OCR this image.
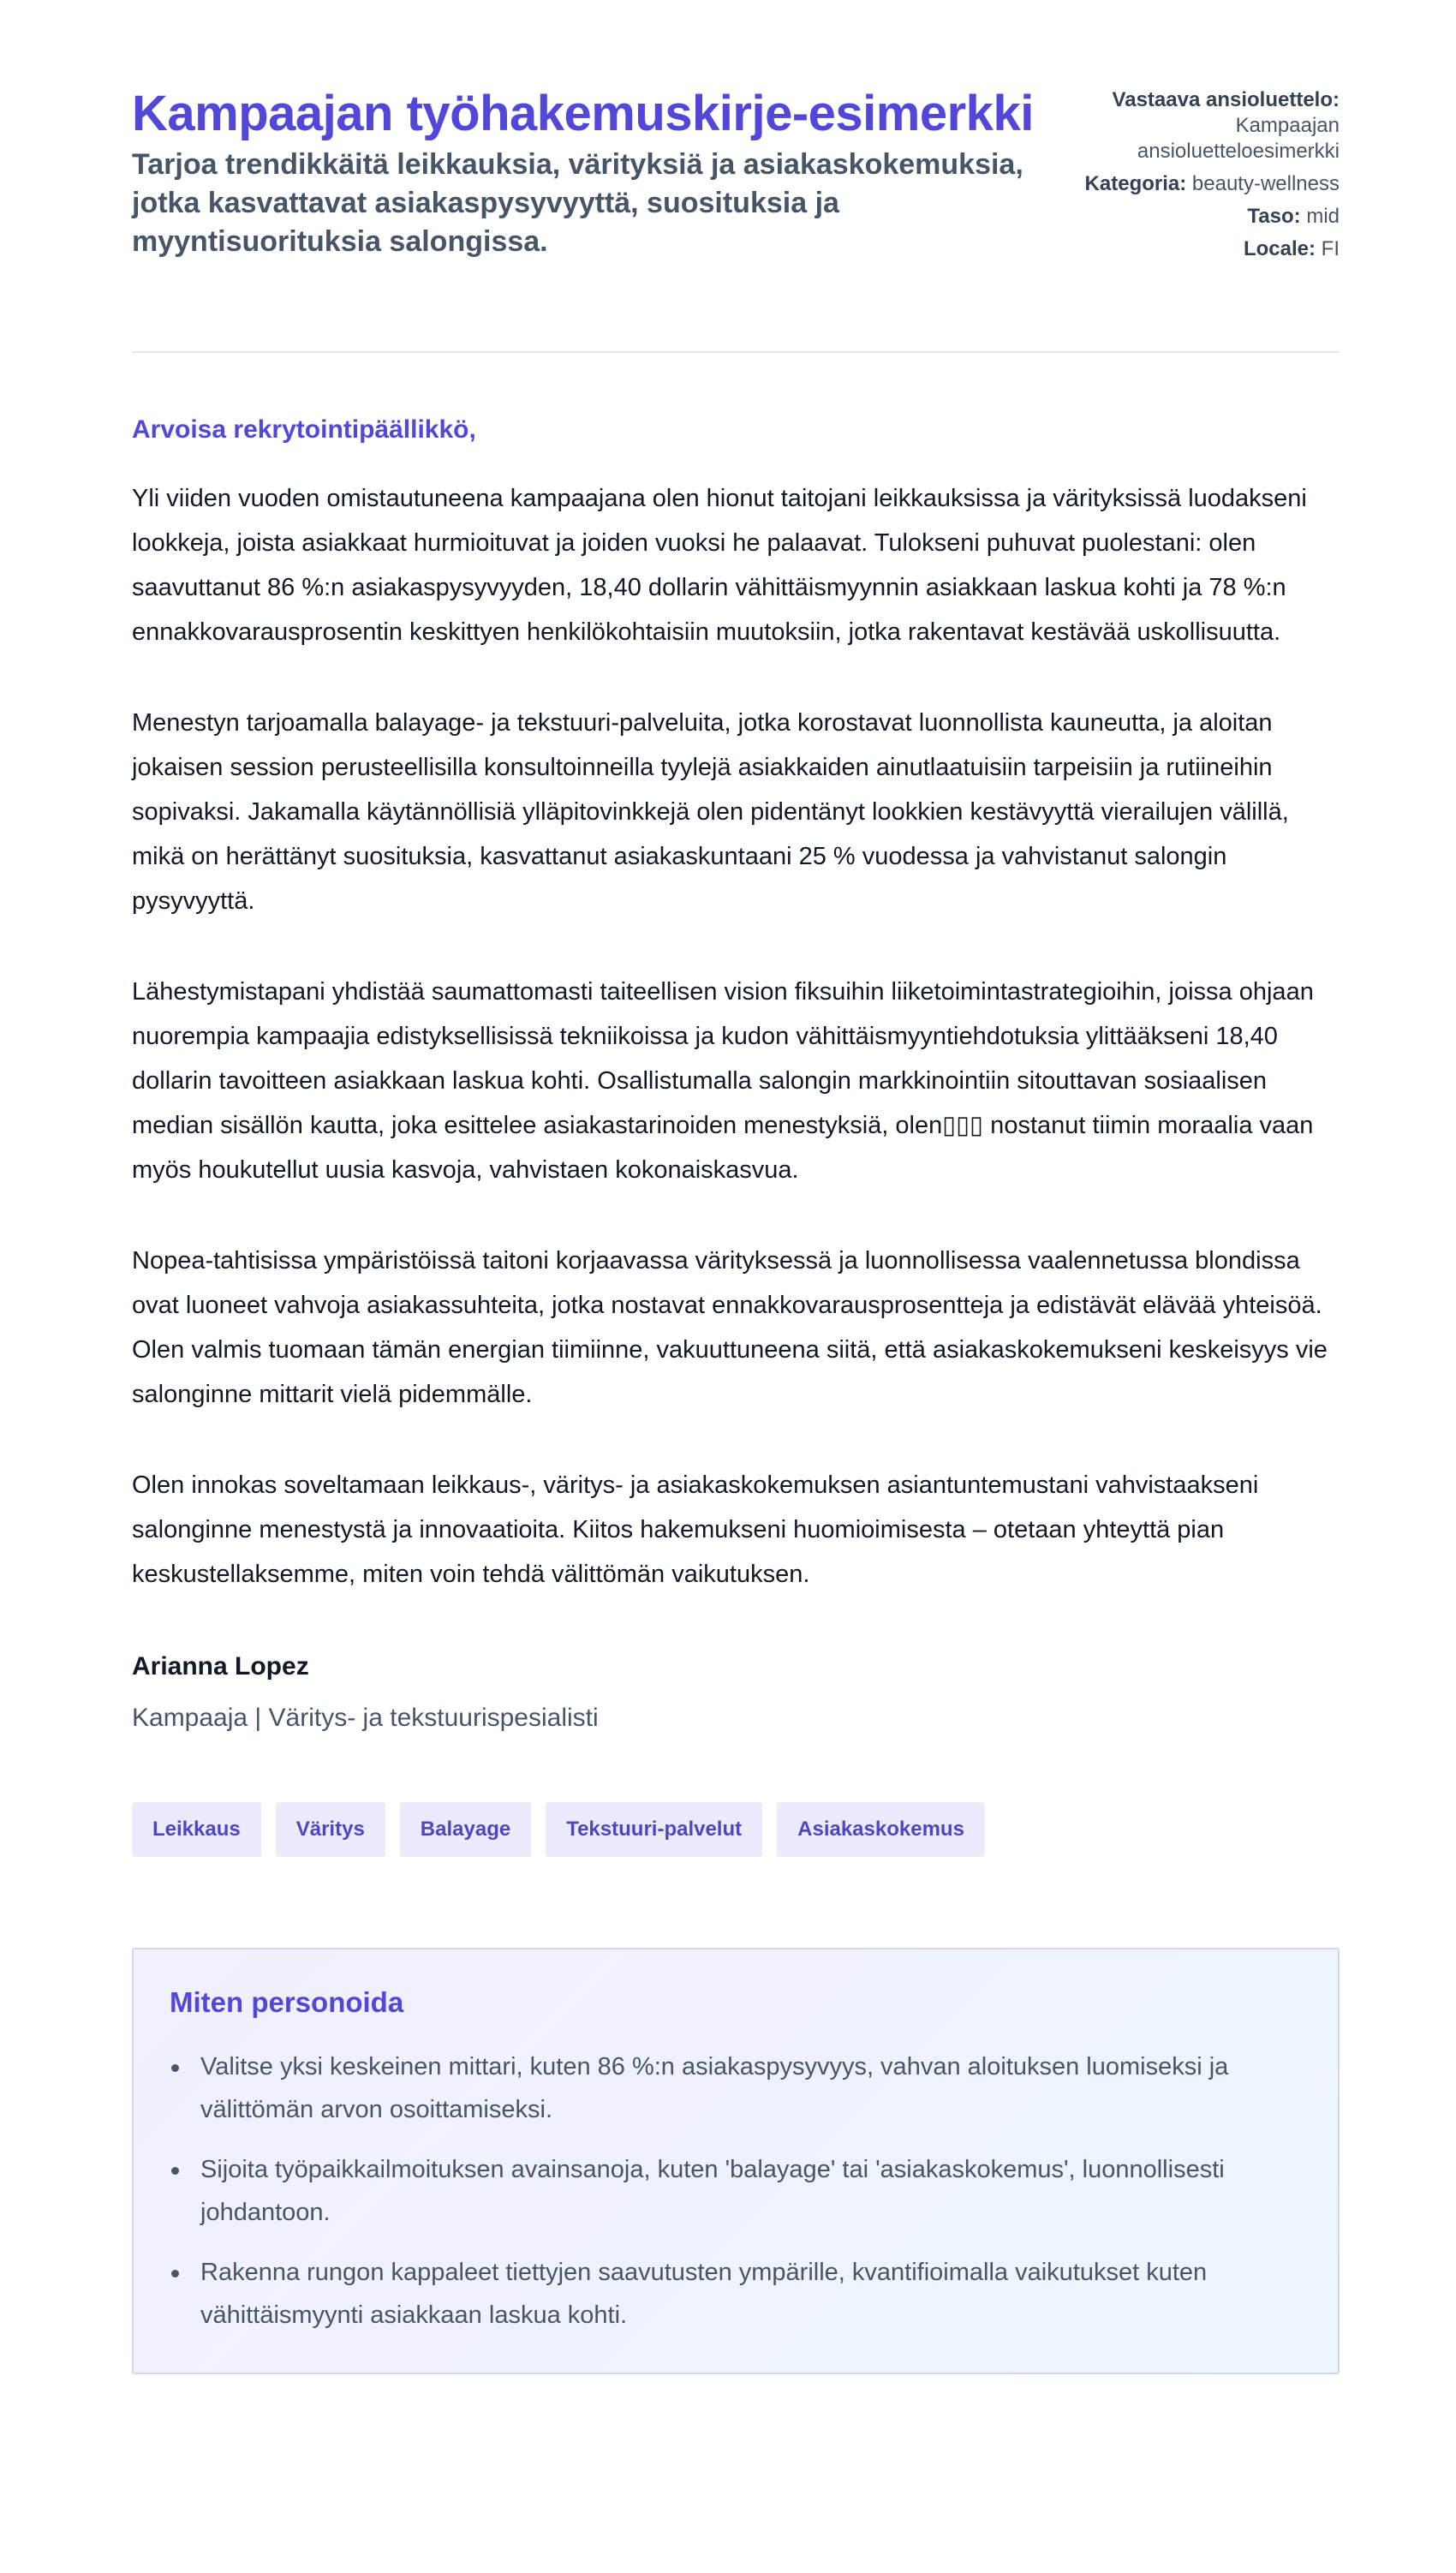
Kampaajan työhakemuskirje-esimerkki
Tarjoa trendikkäitä leikkauksia, värityksiä ja asiakaskokemuksia, jotka kasvattavat asiakaspysyvyyttä, suosituksia ja myyntisuorituksia salongissa.
Vastaava ansioluettelo: Kampaajan ansioluetteloesimerkki
Kategoria: beauty-wellness
Taso: mid
Locale: FI
Arvoisa rekrytointipäällikkö,

Yli viiden vuoden omistautuneena kampaajana olen hionut taitojani leikkauksissa ja värityksissä luodakseni lookkeja, joista asiakkaat hurmioituvat ja joiden vuoksi he palaavat. Tulokseni puhuvat puolestani: olen saavuttanut 86 %:n asiakaspysyvyyden, 18,40 dollarin vähittäismyynnin asiakkaan laskua kohti ja 78 %:n ennakkovarausprosentin keskittyen henkilökohtaisiin muutoksiin, jotka rakentavat kestävää uskollisuutta.

Menestyn tarjoamalla balayage- ja tekstuuri-palveluita, jotka korostavat luonnollista kauneutta, ja aloitan jokaisen session perusteellisilla konsultoinneilla tyylejä asiakkaiden ainutlaatuisiin tarpeisiin ja rutiineihin sopivaksi. Jakamalla käytännöllisiä ylläpitovinkkejä olen pidentänyt lookkien kestävyyttä vierailujen välillä, mikä on herättänyt suosituksia, kasvattanut asiakaskuntaani 25 % vuodessa ja vahvistanut salongin pysyvyyttä.

Lähestymistapani yhdistää saumattomasti taiteellisen vision fiksuihin liiketoimintastrategioihin, joissa ohjaan nuorempia kampaajia edistyksellisissä tekniikoissa ja kudon vähittäismyyntiehdotuksia ylittääkseni 18,40 dollarin tavoitteen asiakkaan laskua kohti. Osallistumalla salongin markkinointiin sitouttavan sosiaalisen median sisällön kautta, joka esittelee asiakastarinoiden menestyksiä, olen▯▯▯ nostanut tiimin moraalia vaan myös houkutellut uusia kasvoja, vahvistaen kokonaiskasvua.

Nopea-tahtisissa ympäristöissä taitoni korjaavassa värityksessä ja luonnollisessa vaalennetussa blondissa ovat luoneet vahvoja asiakassuhteita, jotka nostavat ennakkovarausprosentteja ja edistävät elävää yhteisöä. Olen valmis tuomaan tämän energian tiimiinne, vakuuttuneena siitä, että asiakaskokemukseni keskeisyys vie salonginne mittarit vielä pidemmälle.

Olen innokas soveltamaan leikkaus-, väritys- ja asiakaskokemuksen asiantuntemustani vahvistaakseni salonginne menestystä ja innovaatioita. Kiitos hakemukseni huomioimisesta – otetaan yhteyttä pian keskustellaksemme, miten voin tehdä välittömän vaikutuksen.

Arianna Lopez
Kampaaja | Väritys- ja tekstuurispesialisti
Leikkaus	Väritys	Balayage	Tekstuuri-palvelut	Asiakaskokemus
Miten personoida
Valitse yksi keskeinen mittari, kuten 86 %:n asiakaspysyvyys, vahvan aloituksen luomiseksi ja välittömän arvon osoittamiseksi.
Sijoita työpaikkailmoituksen avainsanoja, kuten 'balayage' tai 'asiakaskokemus', luonnollisesti johdantoon.
Rakenna rungon kappaleet tiettyjen saavutusten ympärille, kvantifioimalla vaikutukset kuten vähittäismyynti asiakkaan laskua kohti.
